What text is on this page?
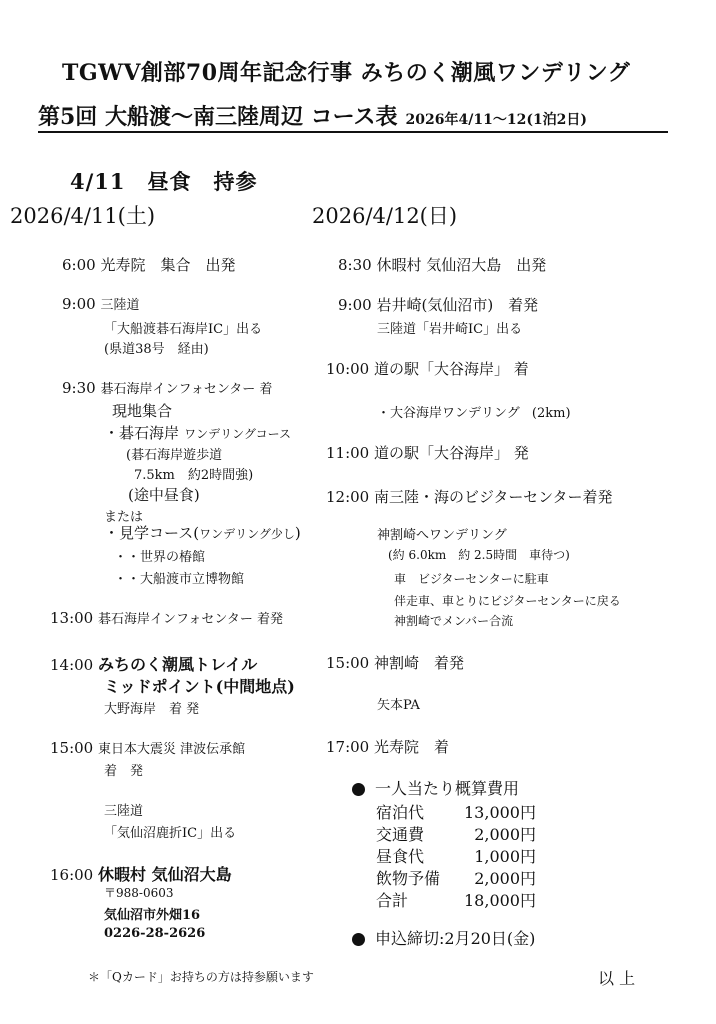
TGWV創部70周年記念行事 みちのく潮風ワンデリング
第5回 大船渡〜南三陸周辺 コース表 2026年4/11〜12(1泊2日)
4/11　昼食　持参
2026/4/11(土)
6:00 光寿院　集合　出発
9:00 三陸道
「大船渡碁石海岸IC」出る
(県道38号　経由)
9:30 碁石海岸インフォセンター 着
現地集合
・碁石海岸 ワンデリングコース
(碁石海岸遊歩道
7.5km　約2時間強)
(途中昼食)
または
・見学コース(ワンデリング少し)
・・世界の椿館
・・大船渡市立博物館
13:00 碁石海岸インフォセンター 着発
14:00 みちのく潮風トレイル
ミッドポイント(中間地点)
大野海岸　着 発
15:00 東日本大震災 津波伝承館
着　発
三陸道
「気仙沼鹿折IC」出る
16:00 休暇村 気仙沼大島
〒988-0603
気仙沼市外畑16
0226-28-2626
2026/4/12(日)
8:30 休暇村 気仙沼大島　出発
9:00 岩井崎(気仙沼市)　着発
三陸道「岩井崎IC」出る
10:00 道の駅「大谷海岸」 着
・大谷海岸ワンデリング (2km)
11:00 道の駅「大谷海岸」 発
12:00 南三陸・海のビジターセンター着発
神割崎へワンデリング
(約 6.0km　約 2.5時間　車待つ)
車　ビジターセンターに駐車
伴走車、車とりにビジターセンターに戻る
神割崎でメンバー合流
15:00 神割崎　着発
矢本PA
17:00 光寿院　着
一人当たり概算費用
宿泊代 13,000円
交通費	2,000円
昼食代	1,000円
飲物予備 2,000円
合計	18,000円
申込締切:2月20日(金)
＊「Qカード」お持ちの方は持参願います	以 上
